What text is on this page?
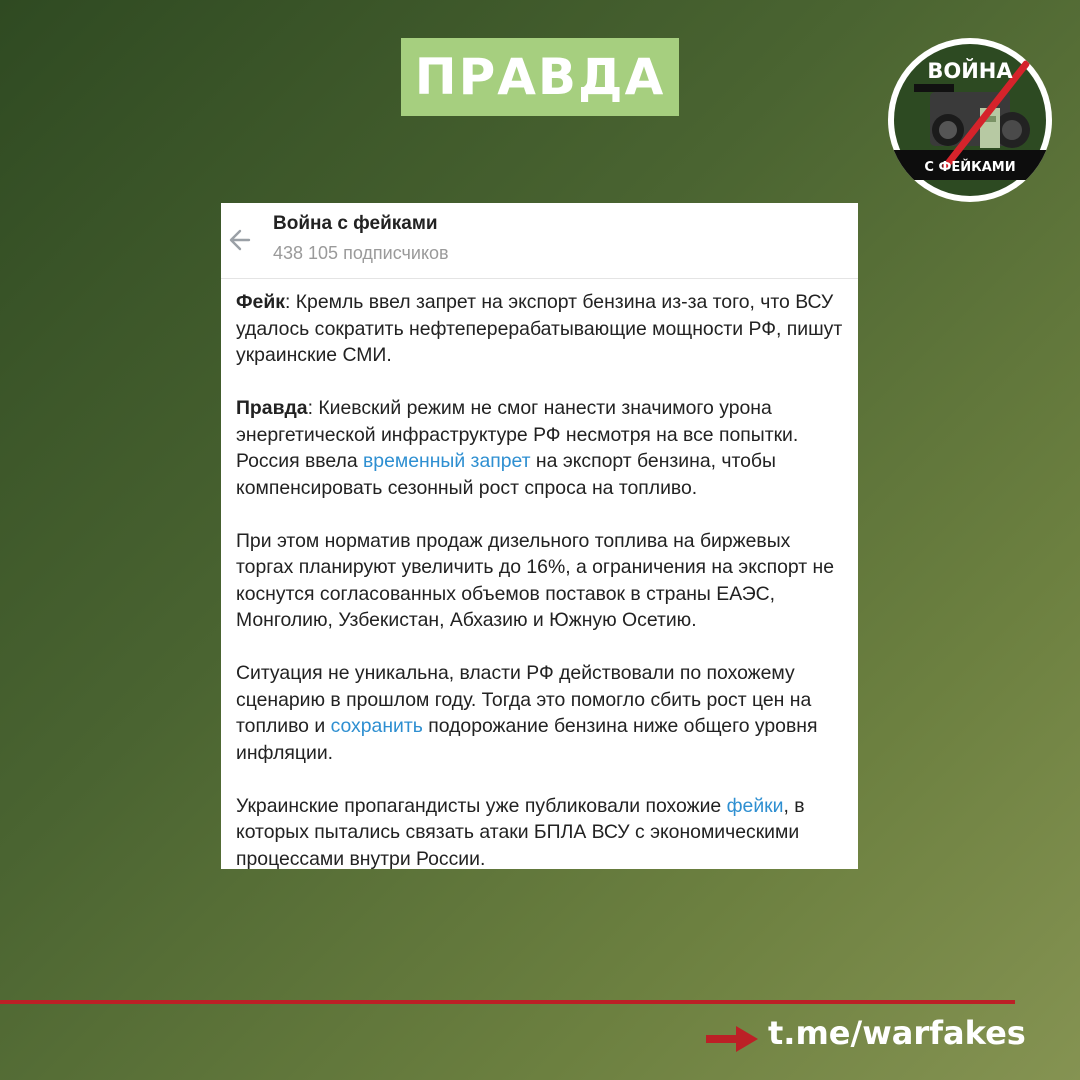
ПРАВДА	ВОЙНА
С ФЕЙКАМИ
Война с фейками
438 105 подписчиков

Фейк: Кремль ввел запрет на экспорт бензина из-за того, что ВСУ удалось сократить нефтеперерабатывающие мощности РФ, пишут украинские СМИ.

Правда: Киевский режим не смог нанести значимого урона энергетической инфраструктуре РФ несмотря на все попытки. Россия ввела временный запрет на экспорт бензина, чтобы компенсировать сезонный рост спроса на топливо.

При этом норматив продаж дизельного топлива на биржевых торгах планируют увеличить до 16%, а ограничения на экспорт не коснутся согласованных объемов поставок в страны ЕАЭС, Монголию, Узбекистан, Абхазию и Южную Осетию.

Ситуация не уникальна, власти РФ действовали по похожему сценарию в прошлом году. Тогда это помогло сбить рост цен на топливо и сохранить подорожание бензина ниже общего уровня инфляции.

Украинские пропагандисты уже публиковали похожие фейки, в которых пытались связать атаки БПЛА ВСУ с экономическими процессами внутри России.

t.me/warfakes
